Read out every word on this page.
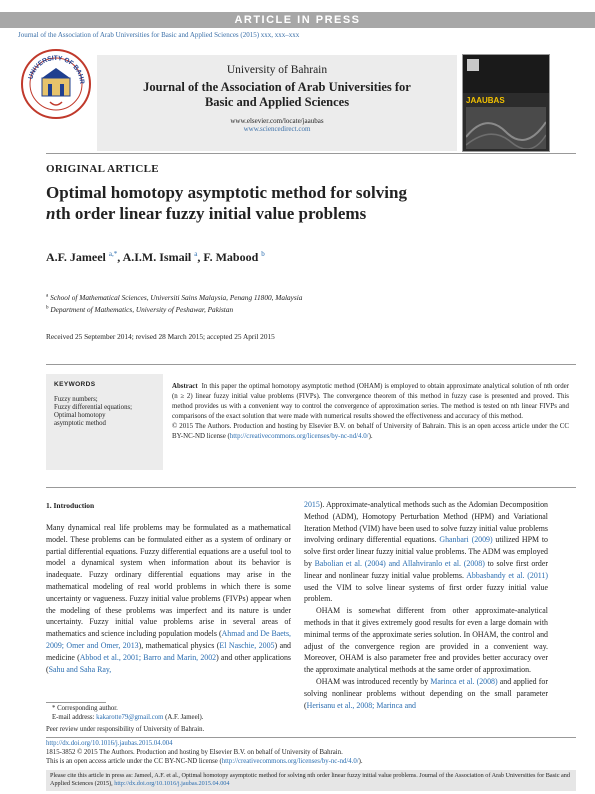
ARTICLE IN PRESS
Journal of the Association of Arab Universities for Basic and Applied Sciences (2015) xxx, xxx–xxx
UNIVERSITY OF BAHR
University of Bahrain
Journal of the Association of Arab Universities for
Basic and Applied Sciences
www.elsevier.com/locate/jaaubas
www.sciencedirect.com
JAAUBAS
ORIGINAL ARTICLE
Optimal homotopy asymptotic method for solving
nth order linear fuzzy initial value problems
A.F. Jameel $^{a,*}$, A.I.M. Ismail $^a$, F. Mabood $^b$
$^a$ School of Mathematical Sciences, Universiti Sains Malaysia, Penang 11800, Malaysia
$^b$ Department of Mathematics, University of Peshawar, Pakistan
Received 25 September 2014; revised 28 March 2015; accepted 25 April 2015
KEYWORDS
Fuzzy numbers;
Fuzzy differential equations;
Optimal homotopy
asymptotic method
Abstract In this paper the optimal homotopy asymptotic method (OHAM) is employed to obtain approximate analytical solution of nth order (n ≥ 2) linear fuzzy initial value problems (FIVPs). The convergence theorem of this method in fuzzy case is presented and proved. This method provides us with a convenient way to control the convergence of approximation series. The method is tested on nth linear FIVPs and comparisons of the exact solution that were made with numerical results showed the effectiveness and accuracy of this method.
© 2015 The Authors. Production and hosting by Elsevier B.V. on behalf of University of Bahrain. This is an open access article under the CC BY-NC-ND license (http://creativecommons.org/licenses/by-nc-nd/4.0/).
1. Introduction
Many dynamical real life problems may be formulated as a mathematical model. These problems can be formulated either as a system of ordinary or partial differential equations. Fuzzy differential equations are a useful tool to model a dynamical system when information about its behavior is inadequate. Fuzzy ordinary differential equations may arise in the mathematical modeling of real world problems in which there is some uncertainty or vagueness. Fuzzy initial value problems (FIVPs) appear when the modeling of these problems was imperfect and its nature is under uncertainty. Fuzzy initial value problems arise in several areas of mathematics and science including population models (Ahmad and De Baets, 2009; Omer and Omer, 2013), mathematical physics (El Naschie, 2005) and medicine (Abbod et al., 2001; Barro and Marin, 2002) and other applications (Sahu and Saha Ray,

2015). Approximate-analytical methods such as the Adomian Decomposition Method (ADM), Homotopy Perturbation Method (HPM) and Variational Iteration Method (VIM) have been used to solve fuzzy initial value problems involving ordinary differential equations. Ghanbari (2009) utilized HPM to solve first order linear fuzzy initial value problems. The ADM was employed by Babolian et al. (2004) and Allahviranlo et al. (2008) to solve first order linear and nonlinear fuzzy initial value problems. Abbasbandy et al. (2011) used the VIM to solve linear systems of first order fuzzy initial value problem.

OHAM is somewhat different from other approximate-analytical methods in that it gives extremely good results for even a large domain with minimal terms of the approximate series solution. In OHAM, the control and adjust of the convergence region are provided in a convenient way. Moreover, OHAM is also parameter free and provides better accuracy over the approximate analytical methods at the same order of approximation.

OHAM was introduced recently by Marinca et al. (2008) and applied for solving nonlinear problems without depending on the small parameter (Herisanu et al., 2008; Marinca and

* Corresponding author.
E-mail address: kakarotte79@gmail.com (A.F. Jameel).
Peer review under responsibility of University of Bahrain.
http://dx.doi.org/10.1016/j.jaubas.2015.04.004
1815-3852 © 2015 The Authors. Production and hosting by Elsevier B.V. on behalf of University of Bahrain.
This is an open access article under the CC BY-NC-ND license (http://creativecommons.org/licenses/by-nc-nd/4.0/).
Please cite this article in press as: Jameel, A.F. et al., Optimal homotopy asymptotic method for solving nth order linear fuzzy initial value problems. Journal of the Association of Arab Universities for Basic and Applied Sciences (2015), http://dx.doi.org/10.1016/j.jaubas.2015.04.004
